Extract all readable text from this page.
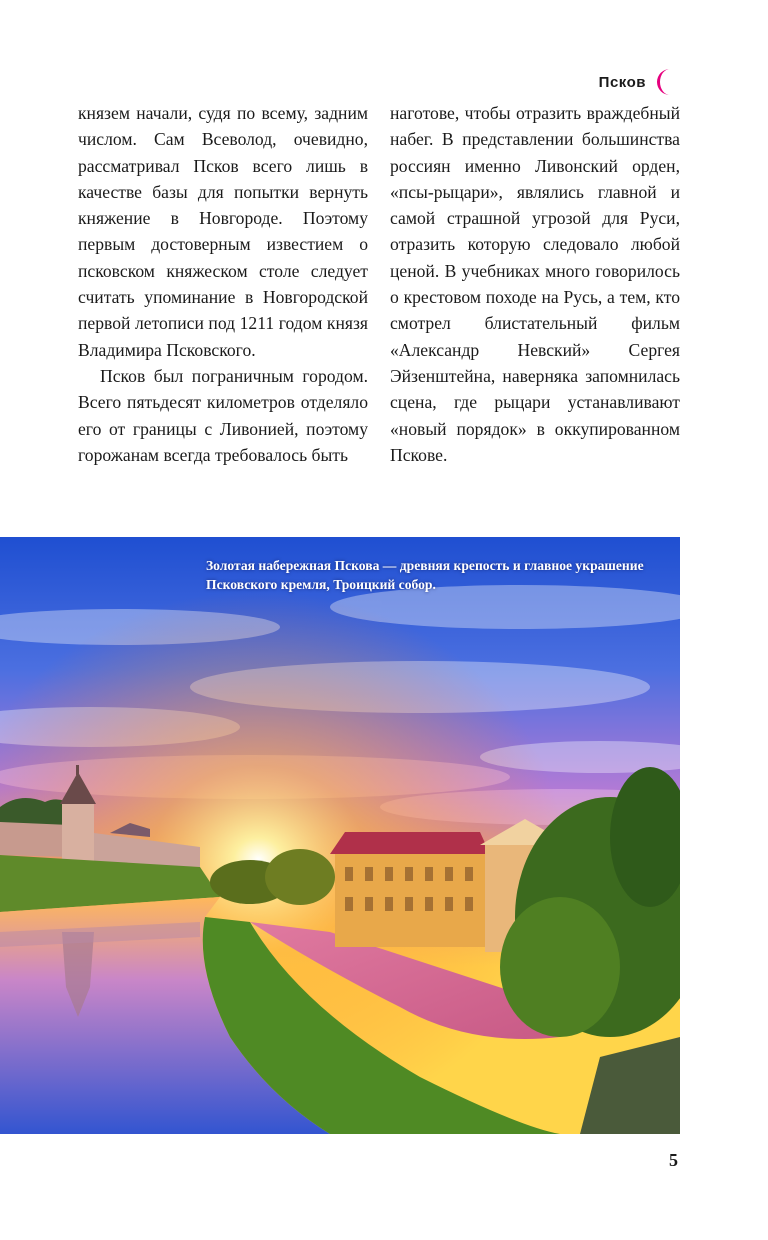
Псков

князем начали, судя по всему, задним числом. Сам Всеволод, очевидно, рассматривал Псков всего лишь в качестве базы для попытки вернуть княжение в Новгороде. Поэтому первым достоверным известием о псковском княжеском столе следует считать упоминание в Новгородской первой летописи под 1211 годом князя Владимира Псковского.

Псков был пограничным городом. Всего пятьдесят километров отделяло его от границы с Ливонией, поэтому горожанам всегда требовалось быть

наготове, чтобы отразить враждебный набег. В представлении большинства россиян именно Ливонский орден, «псы-рыцари», являлись главной и самой страшной угрозой для Руси, отразить которую следовало любой ценой. В учебниках много говорилось о крестовом походе на Русь, а тем, кто смотрел блистательный фильм «Александр Невский» Сергея Эйзенштейна, наверняка запомнилась сцена, где рыцари устанавливают «новый порядок» в оккупированном Пскове.

Золотая набережная Пскова — древняя крепость и главное украшение Псковского кремля, Троицкий собор.
5
